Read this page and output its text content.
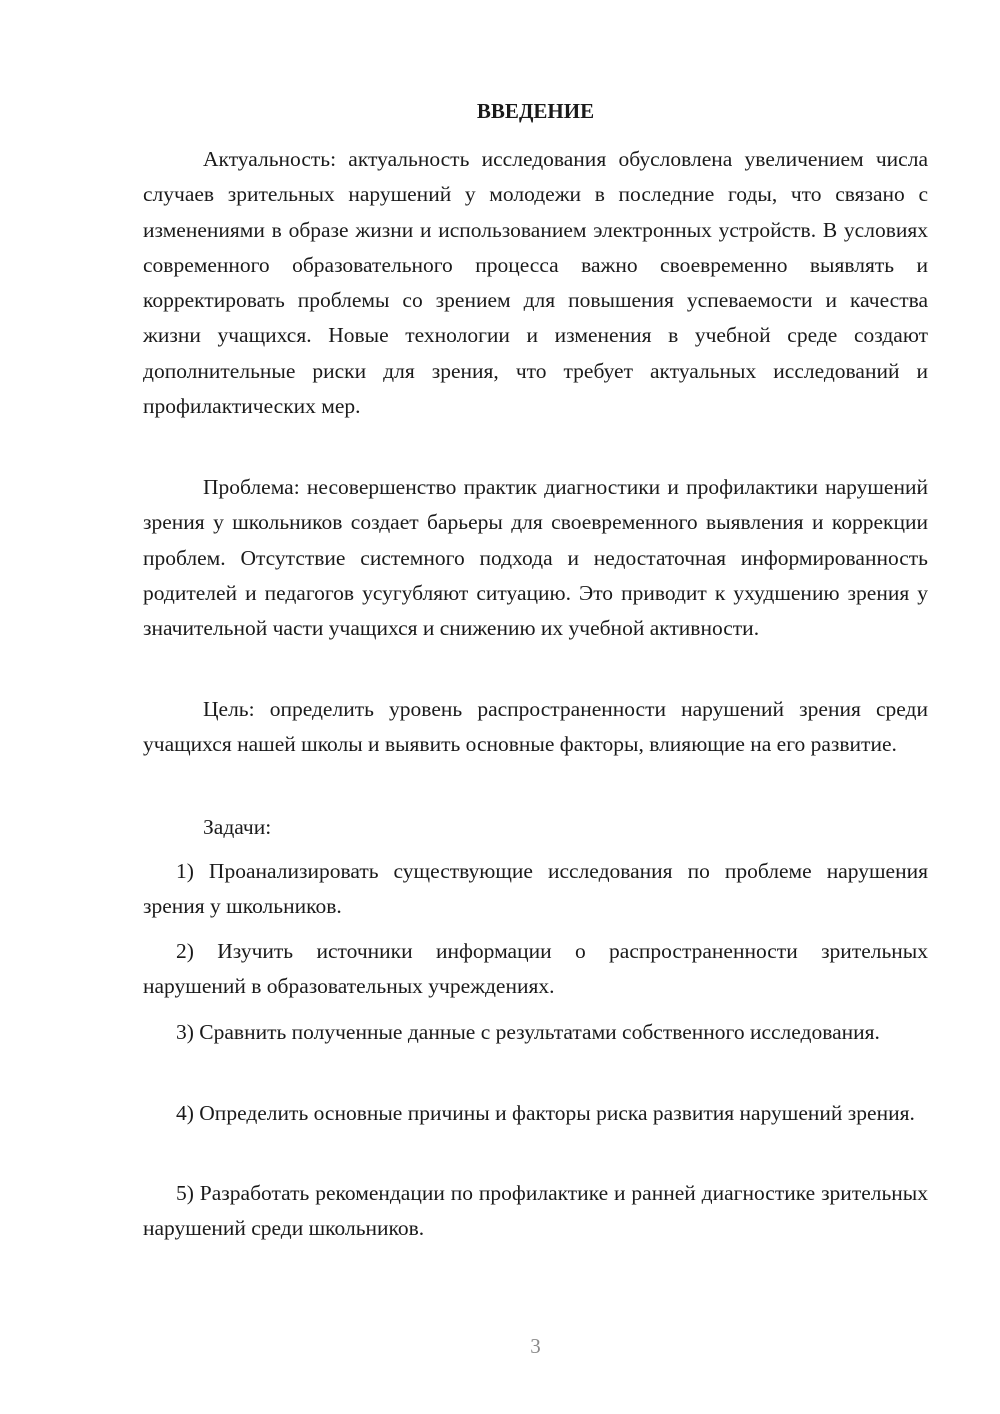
ВВЕДЕНИЕ

Актуальность: актуальность исследования обусловлена увеличением числа случаев зрительных нарушений у молодежи в последние годы, что связано с изменениями в образе жизни и использованием электронных устройств. В условиях современного образовательного процесса важно своевременно выявлять и корректировать проблемы со зрением для повышения успеваемости и качества жизни учащихся. Новые технологии и изменения в учебной среде создают дополнительные риски для зрения, что требует актуальных исследований и профилактических мер.

Проблема: несовершенство практик диагностики и профилактики нарушений зрения у школьников создает барьеры для своевременного выявления и коррекции проблем. Отсутствие системного подхода и недостаточная информированность родителей и педагогов усугубляют ситуацию. Это приводит к ухудшению зрения у значительной части учащихся и снижению их учебной активности.

Цель: определить уровень распространенности нарушений зрения среди учащихся нашей школы и выявить основные факторы, влияющие на его развитие.

Задачи:

1) Проанализировать существующие исследования по проблеме нарушения зрения у школьников.

2) Изучить источники информации о распространенности зрительных нарушений в образовательных учреждениях.

3) Сравнить полученные данные с результатами собственного исследования.

4) Определить основные причины и факторы риска развития нарушений зрения.

5) Разработать рекомендации по профилактике и ранней диагностике зрительных нарушений среди школьников.

3
